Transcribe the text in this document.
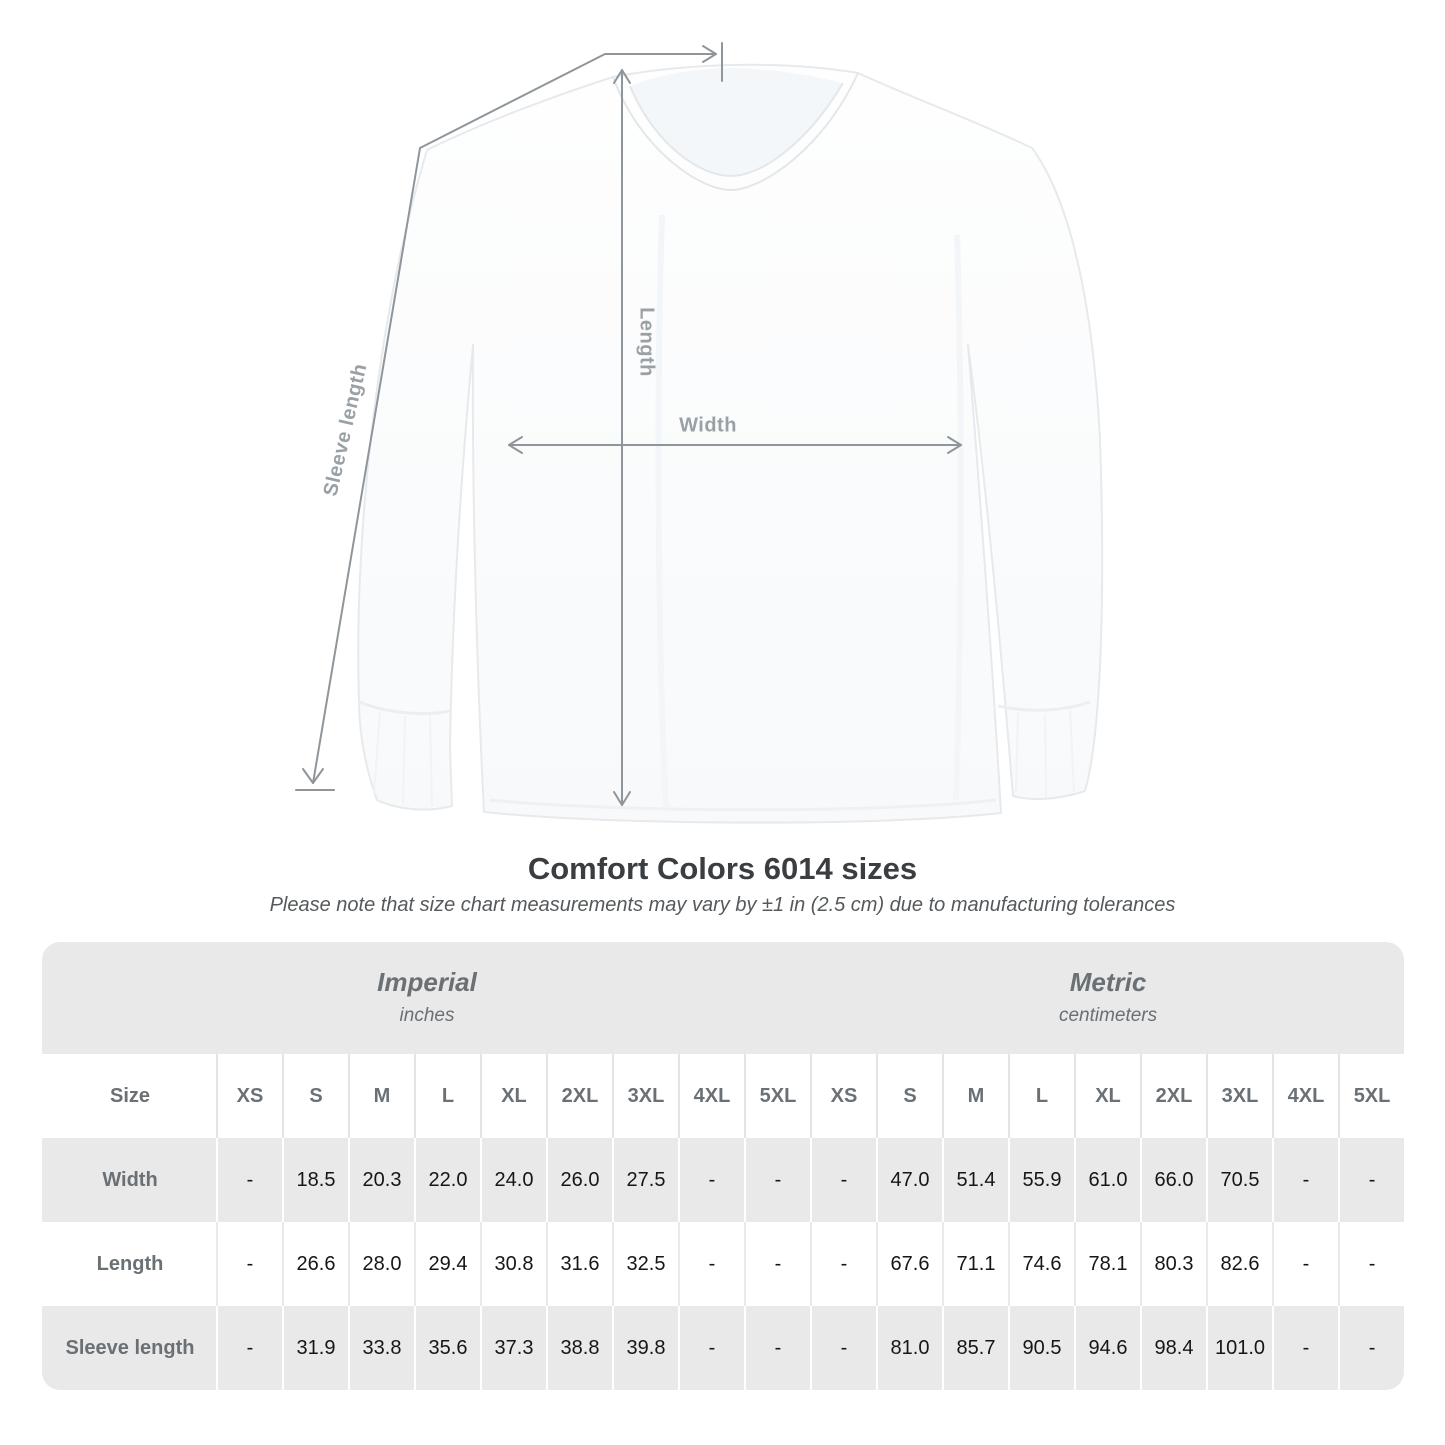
Sleeve length
Length
Width
Comfort Colors 6014 sizes

Please note that size chart measurements may vary by ±1 in (2.5 cm) due to manufacturing tolerances

Imperial
inches

Metric
centimeters

Size	XS	S	M	L	XL	2XL	3XL	4XL	5XL	XS	S	M	L	XL	2XL	3XL	4XL	5XL
Width	-	18.5	20.3	22.0	24.0	26.0	27.5	-	-	-	47.0	51.4	55.9	61.0	66.0	70.5	-	-
Length	-	26.6	28.0	29.4	30.8	31.6	32.5	-	-	-	67.6	71.1	74.6	78.1	80.3	82.6	-	-
Sleeve length	-	31.9	33.8	35.6	37.3	38.8	39.8	-	-	-	81.0	85.7	90.5	94.6	98.4	101.0	-	-
